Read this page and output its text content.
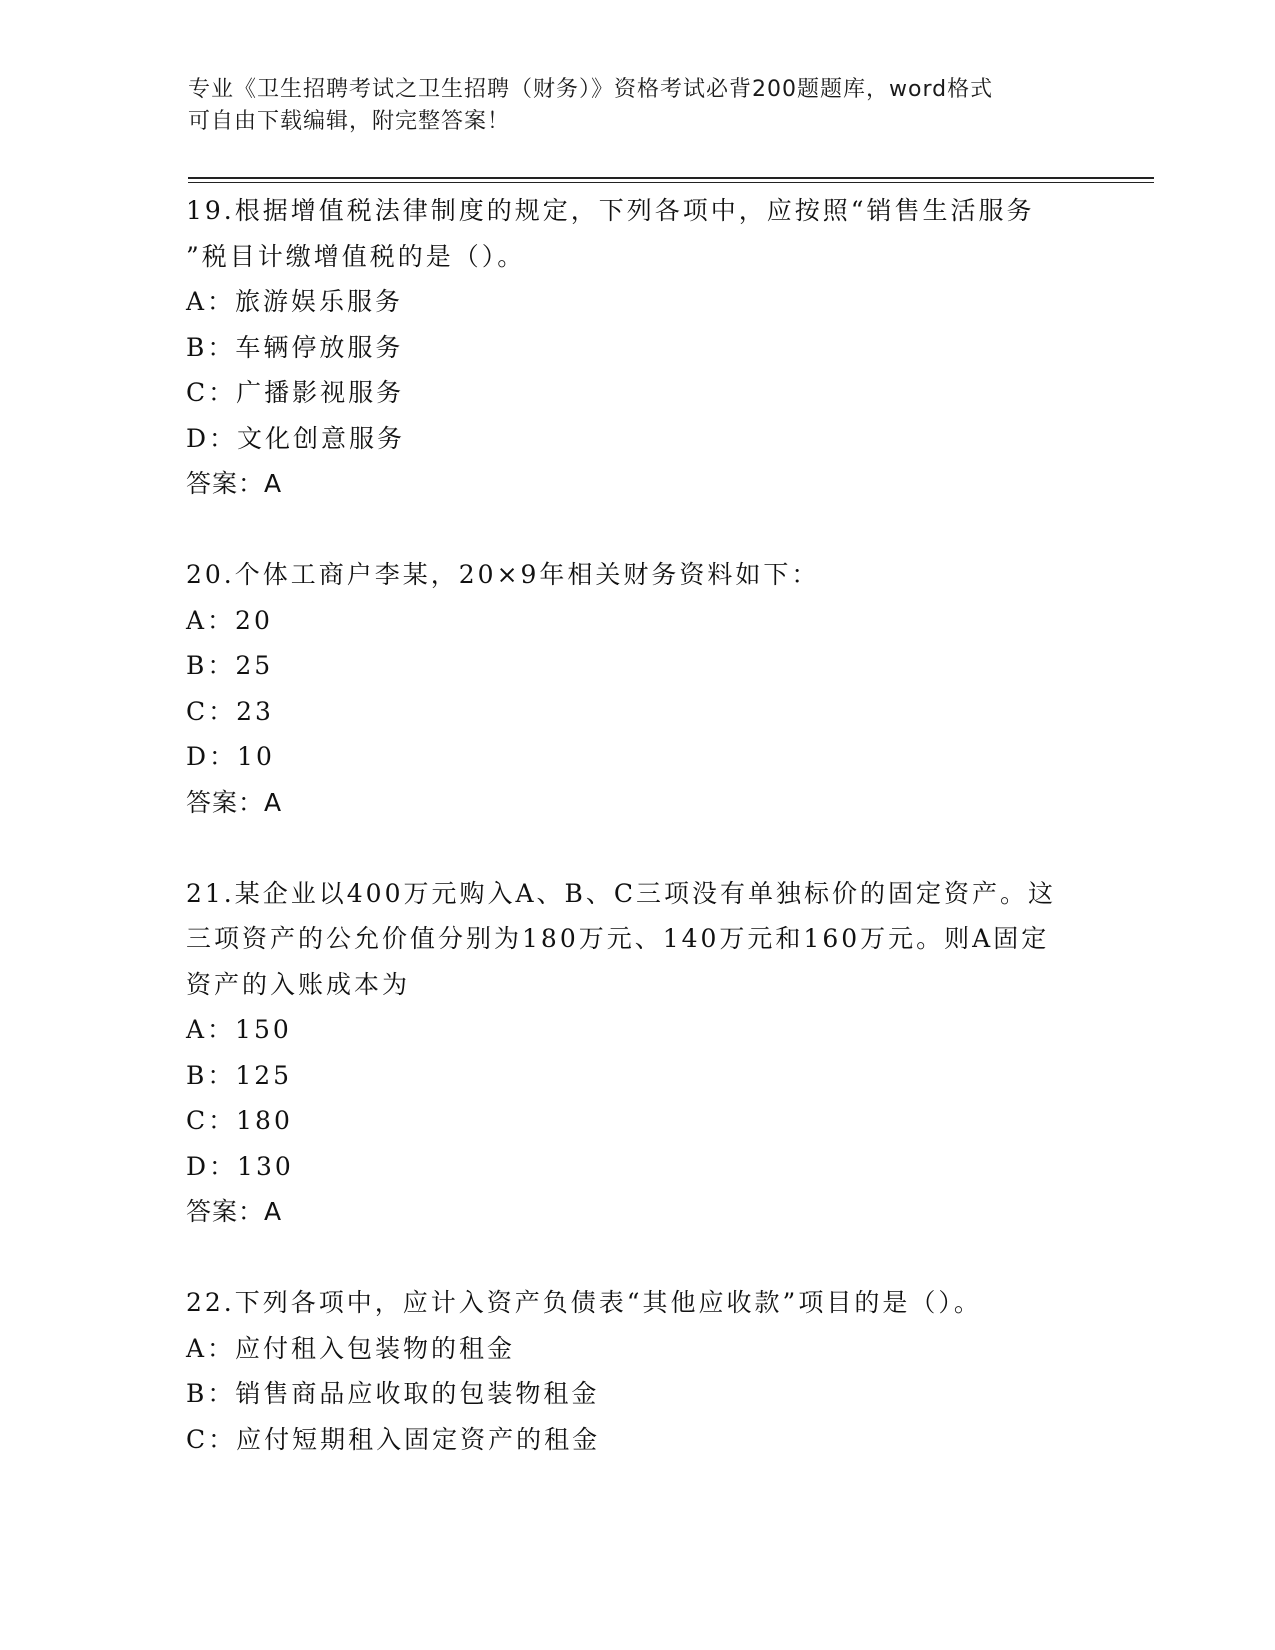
专业《卫生招聘考试之卫生招聘（财务）》资格考试必背200题题库，word格式
可自由下载编辑，附完整答案！
19.根据增值税法律制度的规定，下列各项中，应按照“销售生活服务
”税目计缴增值税的是（）。
A：旅游娱乐服务
B：车辆停放服务
C：广播影视服务
D：文化创意服务
答案：A
20.个体工商户李某，20×9年相关财务资料如下：
A：20
B：25
C：23
D：10
答案：A
21.某企业以400万元购入A、B、C三项没有单独标价的固定资产。这
三项资产的公允价值分别为180万元、140万元和160万元。则A固定
资产的入账成本为
A：150
B：125
C：180
D：130
答案：A
22.下列各项中，应计入资产负债表“其他应收款”项目的是（）。
A：应付租入包装物的租金
B：销售商品应收取的包装物租金
C：应付短期租入固定资产的租金
